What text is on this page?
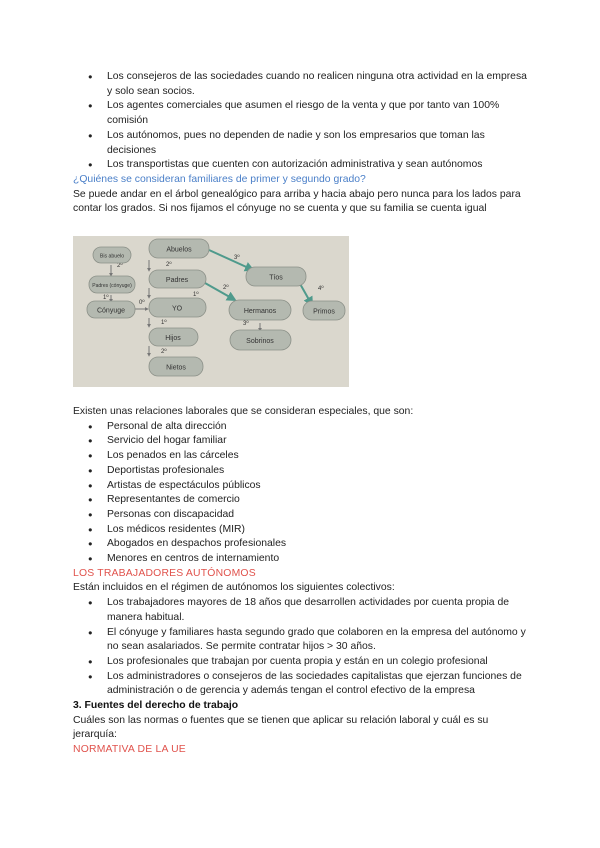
● Los consejeros de las sociedades cuando no realicen ninguna otra actividad en la empresa y solo sean socios.
● Los agentes comerciales que asumen el riesgo de la venta y que por tanto van 100% comisión
● Los autónomos, pues no dependen de nadie y son los empresarios que toman las decisiones
● Los transportistas que cuenten con autorización administrativa y sean autónomos

¿Quiénes se consideran familiares de primer y segundo grado?

Se puede andar en el árbol genealógico para arriba y hacia abajo pero nunca para los lados para contar los grados. Si nos fijamos el cónyuge no se cuenta y que su familia se cuenta igual

2º
1º
1º
2º
3º
2º
3º
4º
0º
2º
1º
Bis abuelo
Padres (cónyuge)
Cónyuge
Abuelos
Padres
YO
Hijos
Nietos
Tíos
Hermanos
Sobrinos
Primos

Existen unas relaciones laborales que se consideran especiales, que son:

● Personal de alta dirección
● Servicio del hogar familiar
● Los penados en las cárceles
● Deportistas profesionales
● Artistas de espectáculos públicos
● Representantes de comercio
● Personas con discapacidad
● Los médicos residentes (MIR)
● Abogados en despachos profesionales
● Menores en centros de internamiento

LOS TRABAJADORES AUTÓNOMOS

Están incluidos en el régimen de autónomos los siguientes colectivos:

● Los trabajadores mayores de 18 años que desarrollen actividades por cuenta propia de manera habitual.
● El cónyuge y familiares hasta segundo grado que colaboren en la empresa del autónomo y no sean asalariados. Se permite contratar hijos > 30 años.
● Los profesionales que trabajan por cuenta propia y están en un colegio profesional
● Los administradores o consejeros de las sociedades capitalistas que ejerzan funciones de administración o de gerencia y además tengan el control efectivo de la empresa

3. Fuentes del derecho de trabajo

Cuáles son las normas o fuentes que se tienen que aplicar su relación laboral y cuál es su jerarquía:

NORMATIVA DE LA UE
